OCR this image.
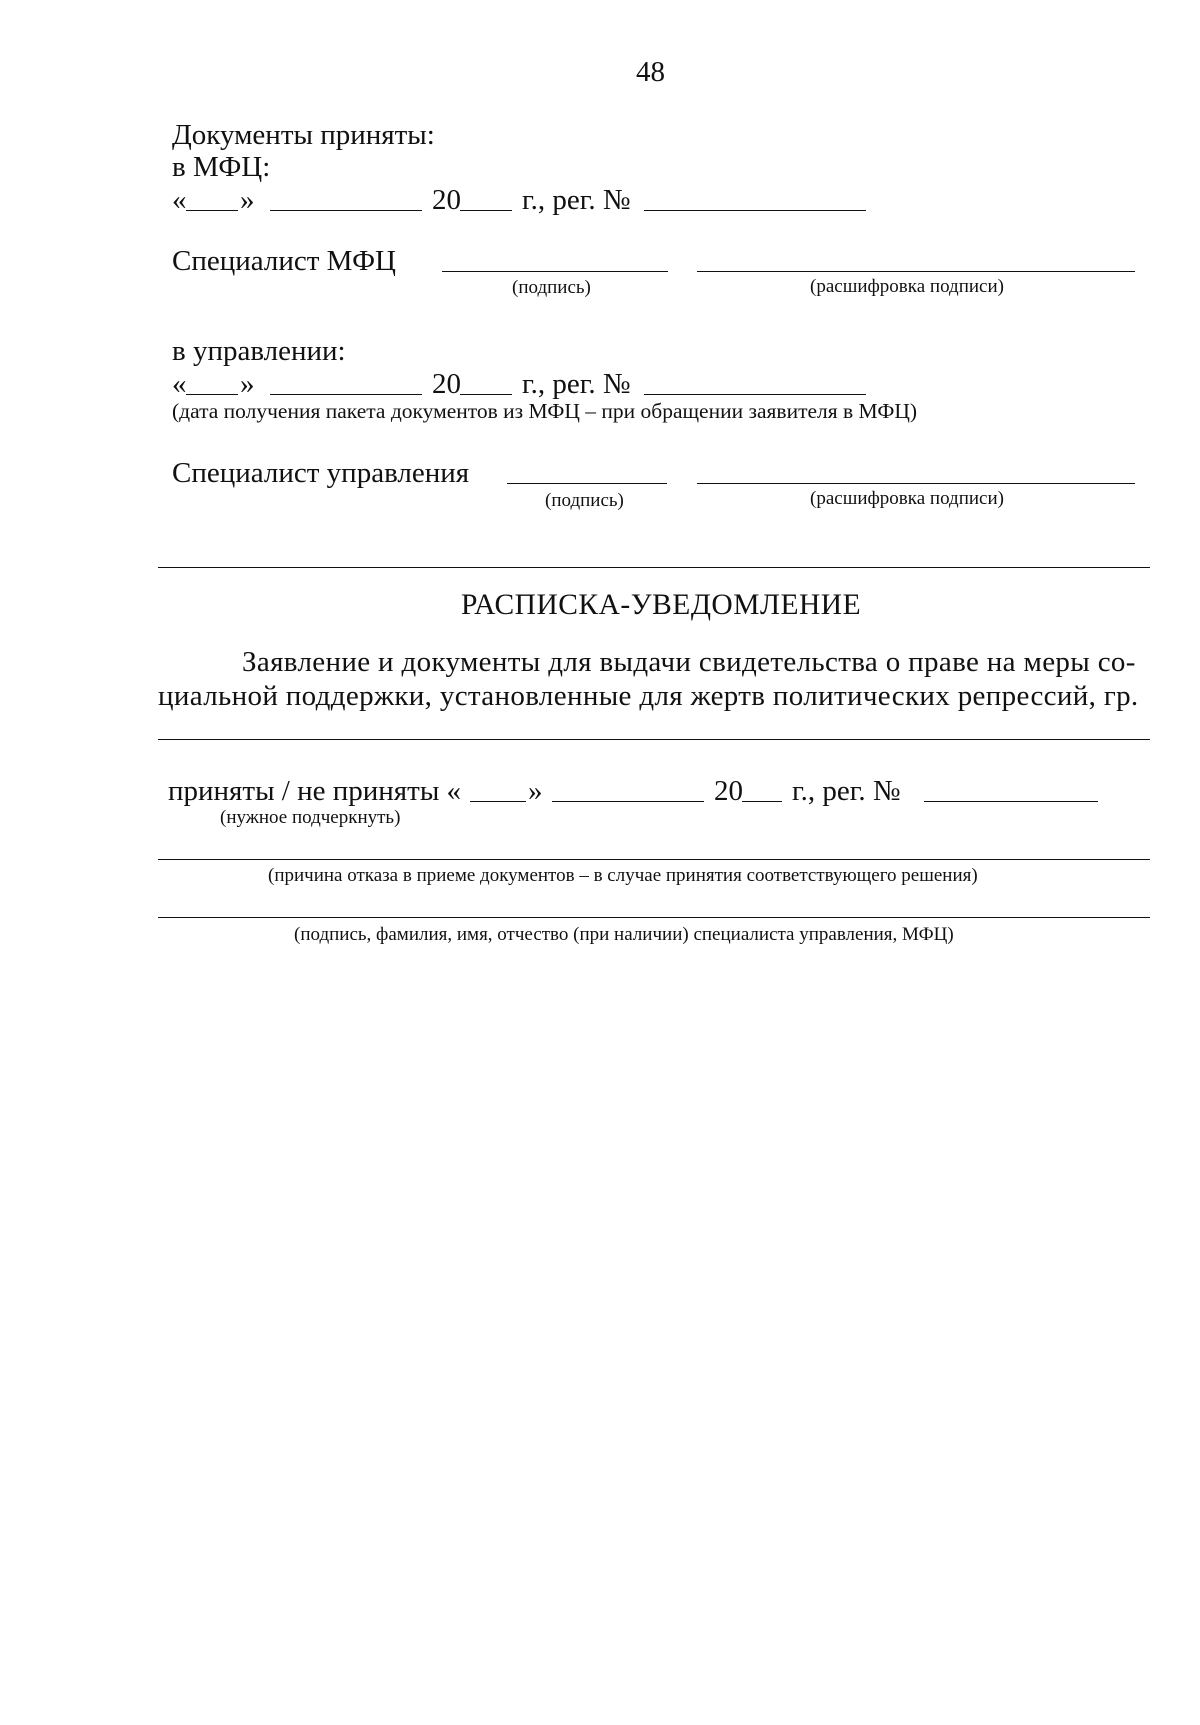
48
Документы приняты:
в МФЦ:
« »	20 г., рег. №
Специалист МФЦ
(подпись)	(расшифровка подписи)
в управлении:
« »	20 г., рег. №
(дата получения пакета документов из МФЦ – при обращении заявителя в МФЦ)
Специалист управления
(подпись)	(расшифровка подписи)
РАСПИСКА-УВЕДОМЛЕНИЕ
Заявление и документы для выдачи свидетельства о праве на меры со-
циальной поддержки, установленные для жертв политических репрессий, гр.
приняты / не приняты « »	20 г., рег. №
(нужное подчеркнуть)
(причина отказа в приеме документов – в случае принятия соответствующего решения)
(подпись, фамилия, имя, отчество (при наличии) специалиста управления, МФЦ)
